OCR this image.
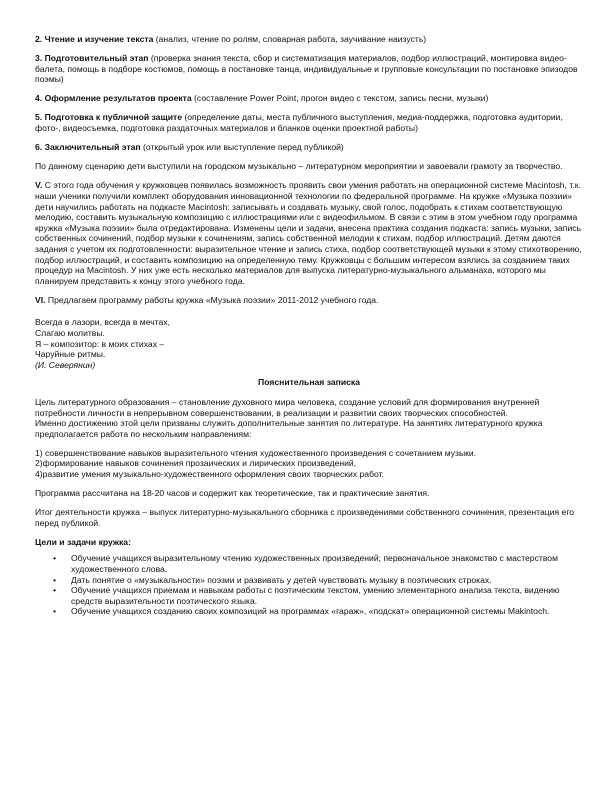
2. Чтение и изучение текста (анализ, чтение по ролям, словарная работа, заучивание наизусть)

3. Подготовительный этап (проверка знания текста, сбор и систематизация материалов, подбор иллюстраций, монтировка видео-балета, помощь в подборе костюмов, помощь в постановке танца, индивидуальные и групповые консультации по постановке эпизодов поэмы)

4. Оформление результатов проекта (составление Power Point, прогон видео с текстом, запись песни, музыки)

5. Подготовка к публичной защите (определение даты, места публичного выступления, медиа-поддержка, подготовка аудитории, фото-, видеосъемка, подготовка раздаточных материалов и бланков оценки проектной работы)

6. Заключительный этап (открытый урок или выступление перед публикой)

По данному сценарию дети выступили на городском музыкально – литературном мероприятии и завоевали грамоту за творчество.

V. С этого года обучения у кружковцев появилась возможность проявить свои умения работать на операционной системе Macintosh, т.к. наши ученики получили комплект оборудования инновационной технологии по федеральной программе. На кружке «Музыка поэзии» дети научились работать на подкасте Macintosh: записывать и создавать музыку, свой голос, подобрать к стихам соответствующую мелодию, составить музыкальную композицию с иллюстрациями или с видеофильмом. В связи с этим в этом учебном году программа кружка «Музыка поэзии» была отредактирована. Изменены цели и задачи, внесена практика создания подкаста: запись музыки, запись собственных сочинений, подбор музыки к сочинениям, запись собственной мелодии к стихам, подбор иллюстраций. Детям даются задания с учетом их подготовленности: выразительное чтение и запись стиха, подбор соответствующей музыки к этому стихотворению, подбор иллюстраций, и составить композицию на определенную тему. Кружковцы с большим интересом взялись за созданием таких процедур на Macintosh. У них уже есть несколько материалов для выпуска литературно-музыкального альманаха, которого мы планируем представить к концу этого учебного года.

VI. Предлагаем программу работы кружка «Музыка поэзии» 2011-2012 учебного года.

Всегда в лазори, всегда в мечтах,
Слагаю молитвы.
Я – композитор: в моих стихах –
Чаруйные ритмы.
(И. Северянин)
Пояснительная записка

Цель литературного образования – становление духовного мира человека, создание условий для формирования внутренней потребности личности в непрерывном совершенствовании, в реализации и развитии своих творческих способностей.

Именно достижению этой цели призваны служить дополнительные занятия по литературе. На занятиях литературного кружка предполагается работа по нескольким направлениям:

1) совершенствование навыков выразительного чтения художественного произведения с сочетанием музыки.

2)формирование навыков сочинения прозаических и лирических произведений,

4)развитие умения музыкально-художественного оформления своих творческих работ.

Программа рассчитана на 18-20 часов и содержит как теоретические, так и практические занятия.

Итог деятельности кружка – выпуск литературно-музыкального сборника с произведениями собственного сочинения, презентация его перед публикой.

Цели и задачи кружка:
• Обучение учащихся выразительному чтению художественных произведений; первоначальное знакомство с мастерством художественного слова.
• Дать понятие о «музыкальности» поэзии и развивать у детей чувствовать музыку в поэтических строках.
• Обучение учащихся приемам и навыкам работы с поэтическим текстом, умению элементарного анализа текста, видению средств выразительности поэтического языка.
• Обучение учащихся созданию своих композиций на программах «гараж», «подскат» операционной системы Makintoch.
